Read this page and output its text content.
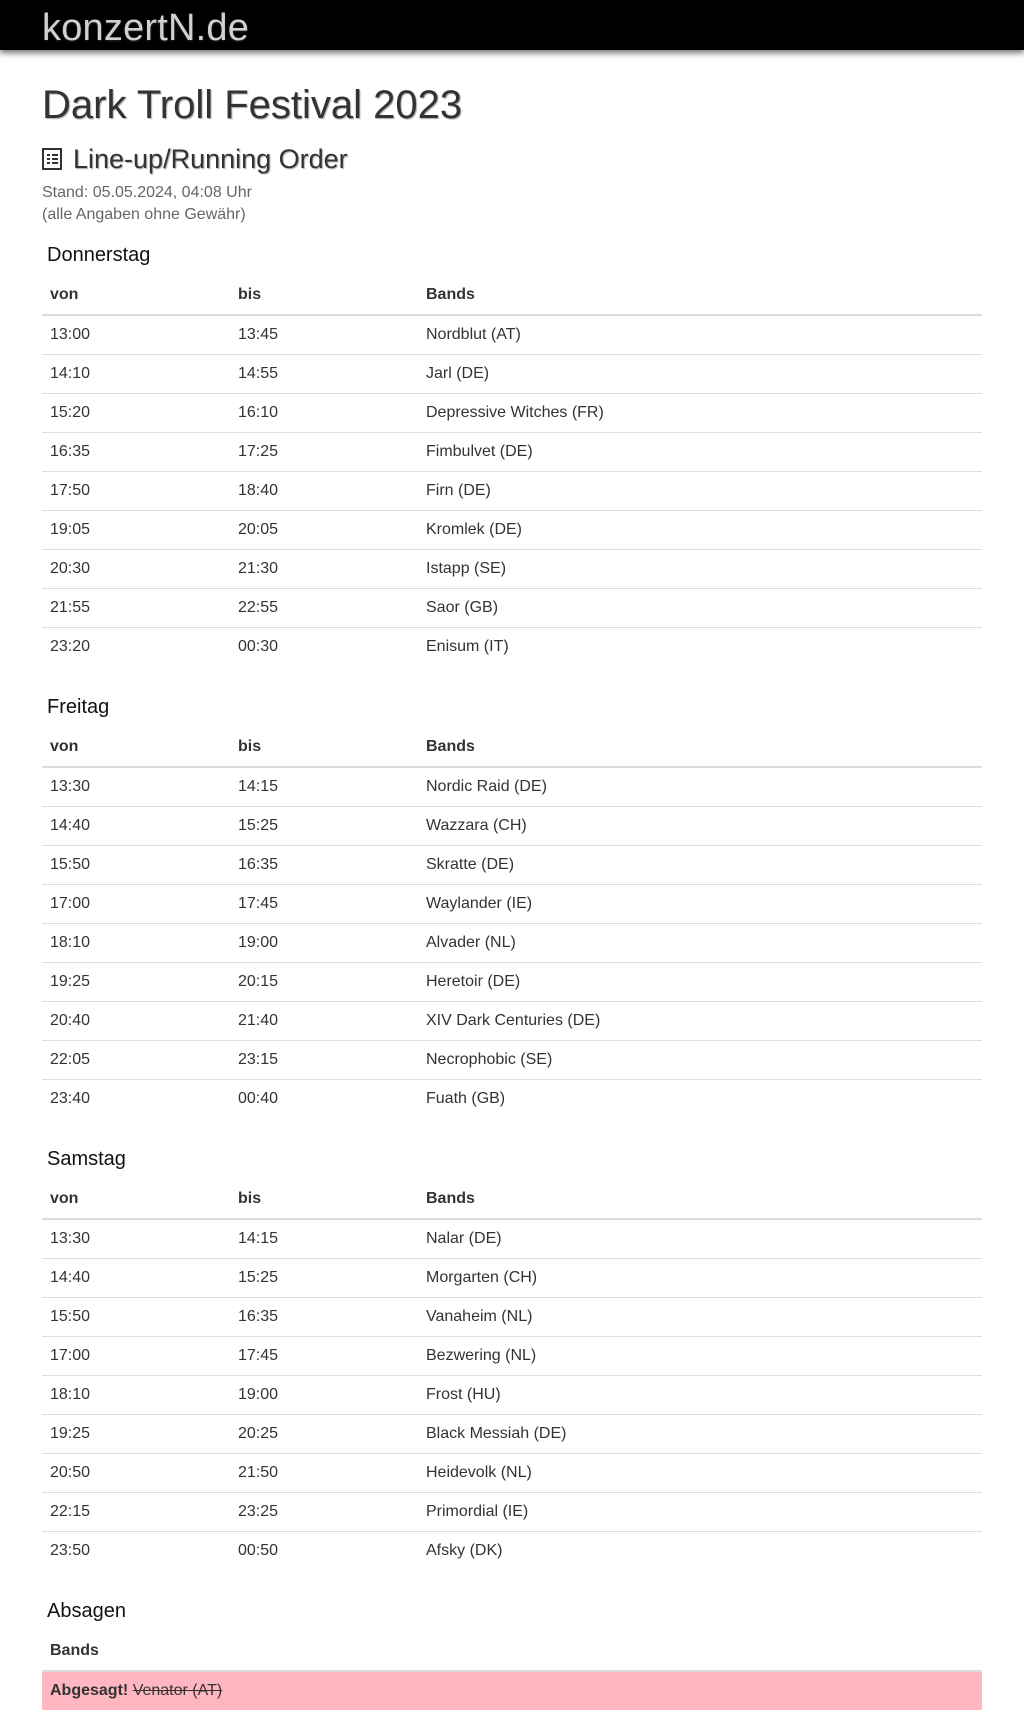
konzertN.de
Dark Troll Festival 2023
Line-up/Running Order
Stand: 05.05.2024, 04:08 Uhr
(alle Angaben ohne Gewähr)
Donnerstag
von	bis	Bands
13:00	13:45	Nordblut (AT)
14:10	14:55	Jarl (DE)
15:20	16:10	Depressive Witches (FR)
16:35	17:25	Fimbulvet (DE)
17:50	18:40	Firn (DE)
19:05	20:05	Kromlek (DE)
20:30	21:30	Istapp (SE)
21:55	22:55	Saor (GB)
23:20	00:30	Enisum (IT)
Freitag
von	bis	Bands
13:30	14:15	Nordic Raid (DE)
14:40	15:25	Wazzara (CH)
15:50	16:35	Skratte (DE)
17:00	17:45	Waylander (IE)
18:10	19:00	Alvader (NL)
19:25	20:15	Heretoir (DE)
20:40	21:40	XIV Dark Centuries (DE)
22:05	23:15	Necrophobic (SE)
23:40	00:40	Fuath (GB)
Samstag
von	bis	Bands
13:30	14:15	Nalar (DE)
14:40	15:25	Morgarten (CH)
15:50	16:35	Vanaheim (NL)
17:00	17:45	Bezwering (NL)
18:10	19:00	Frost (HU)
19:25	20:25	Black Messiah (DE)
20:50	21:50	Heidevolk (NL)
22:15	23:25	Primordial (IE)
23:50	00:50	Afsky (DK)
Absagen
Bands
Abgesagt! Venator (AT)
